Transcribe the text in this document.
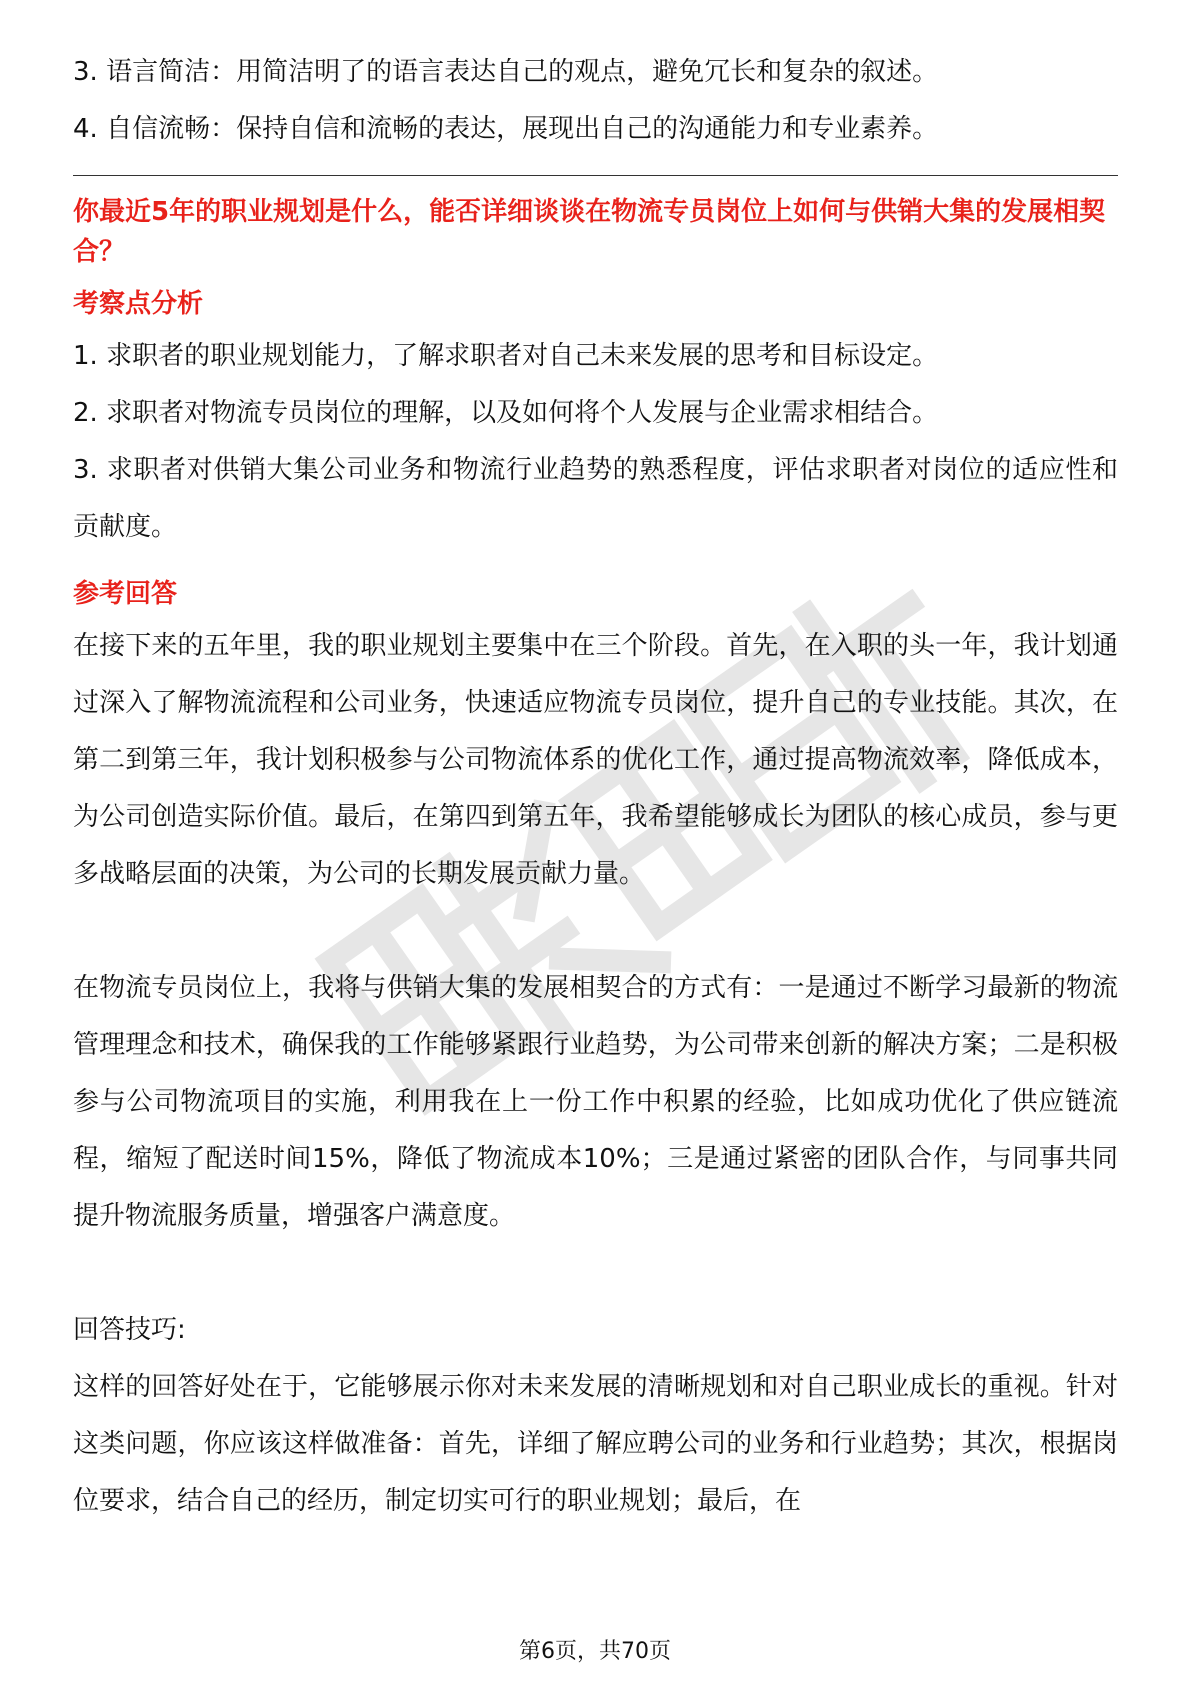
3. 语言简洁：用简洁明了的语言表达自己的观点，避免冗长和复杂的叙述。

4. 自信流畅：保持自信和流畅的表达，展现出自己的沟通能力和专业素养。

你最近5年的职业规划是什么，能否详细谈谈在物流专员岗位上如何与供销大集的发展相契合？

考察点分析

1. 求职者的职业规划能力，了解求职者对自己未来发展的思考和目标设定。

2. 求职者对物流专员岗位的理解，以及如何将个人发展与企业需求相结合。

3. 求职者对供销大集公司业务和物流行业趋势的熟悉程度，评估求职者对岗位的适应性和贡献度。

参考回答

在接下来的五年里，我的职业规划主要集中在三个阶段。首先，在入职的头一年，我计划通过深入了解物流流程和公司业务，快速适应物流专员岗位，提升自己的专业技能。其次，在第二到第三年，我计划积极参与公司物流体系的优化工作，通过提高物流效率，降低成本，为公司创造实际价值。最后，在第四到第五年，我希望能够成长为团队的核心成员，参与更多战略层面的决策，为公司的长期发展贡献力量。

在物流专员岗位上，我将与供销大集的发展相契合的方式有：一是通过不断学习最新的物流管理理念和技术，确保我的工作能够紧跟行业趋势，为公司带来创新的解决方案；二是积极参与公司物流项目的实施，利用我在上一份工作中积累的经验，比如成功优化了供应链流程，缩短了配送时间15%，降低了物流成本10%；三是通过紧密的团队合作，与同事共同提升物流服务质量，增强客户满意度。

回答技巧:

这样的回答好处在于，它能够展示你对未来发展的清晰规划和对自己职业成长的重视。针对这类问题，你应该这样做准备：首先，详细了解应聘公司的业务和行业趋势；其次，根据岗位要求，结合自己的经历，制定切实可行的职业规划；最后，在

第6页，共70页
